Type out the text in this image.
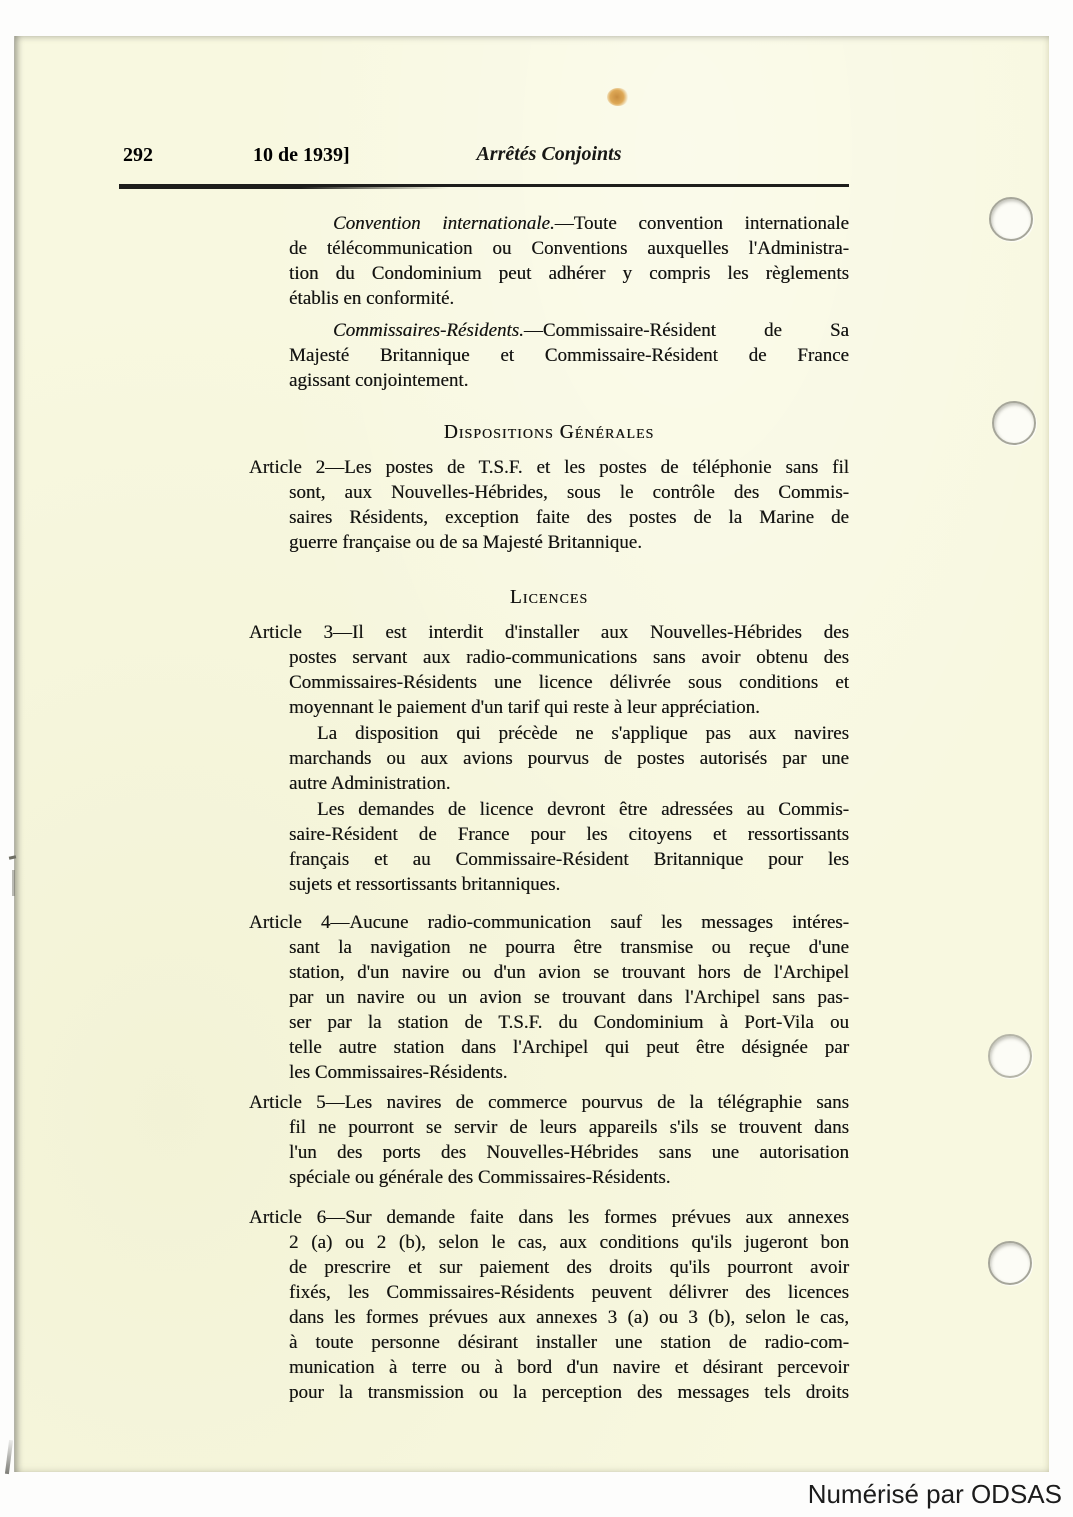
292	10 de 1939]	Arrêtés Conjoints
Convention internationale.—Toute convention internationale
de télécommunication ou Conventions auxquelles l'Administra-
tion du Condominium peut adhérer y compris les règlements
établis en conformité.
Commissaires-Résidents.—Commissaire-Résident de Sa
Majesté Britannique et Commissaire-Résident de France
agissant conjointement.
Dispositions Générales
Article 2—Les postes de T.S.F. et les postes de téléphonie sans fil
sont, aux Nouvelles-Hébrides, sous le contrôle des Commis-
saires Résidents, exception faite des postes de la Marine de
guerre française ou de sa Majesté Britannique.
Licences
Article 3—Il est interdit d'installer aux Nouvelles-Hébrides des
postes servant aux radio-communications sans avoir obtenu des
Commissaires-Résidents une licence délivrée sous conditions et
moyennant le paiement d'un tarif qui reste à leur appréciation.
La disposition qui précède ne s'applique pas aux navires
marchands ou aux avions pourvus de postes autorisés par une
autre Administration.
Les demandes de licence devront être adressées au Commis-
saire-Résident de France pour les citoyens et ressortissants
français et au Commissaire-Résident Britannique pour les
sujets et ressortissants britanniques.
Article 4—Aucune radio-communication sauf les messages intéres-
sant la navigation ne pourra être transmise ou reçue d'une
station, d'un navire ou d'un avion se trouvant hors de l'Archipel
par un navire ou un avion se trouvant dans l'Archipel sans pas-
ser par la station de T.S.F. du Condominium à Port-Vila ou
telle autre station dans l'Archipel qui peut être désignée par
les Commissaires-Résidents.
Article 5—Les navires de commerce pourvus de la télégraphie sans
fil ne pourront se servir de leurs appareils s'ils se trouvent dans
l'un des ports des Nouvelles-Hébrides sans une autorisation
spéciale ou générale des Commissaires-Résidents.
Article 6—Sur demande faite dans les formes prévues aux annexes
2 (a) ou 2 (b), selon le cas, aux conditions qu'ils jugeront bon
de prescrire et sur paiement des droits qu'ils pourront avoir
fixés, les Commissaires-Résidents peuvent délivrer des licences
dans les formes prévues aux annexes 3 (a) ou 3 (b), selon le cas,
à toute personne désirant installer une station de radio-com-
munication à terre ou à bord d'un navire et désirant percevoir
pour la transmission ou la perception des messages tels droits
Numérisé par ODSAS
